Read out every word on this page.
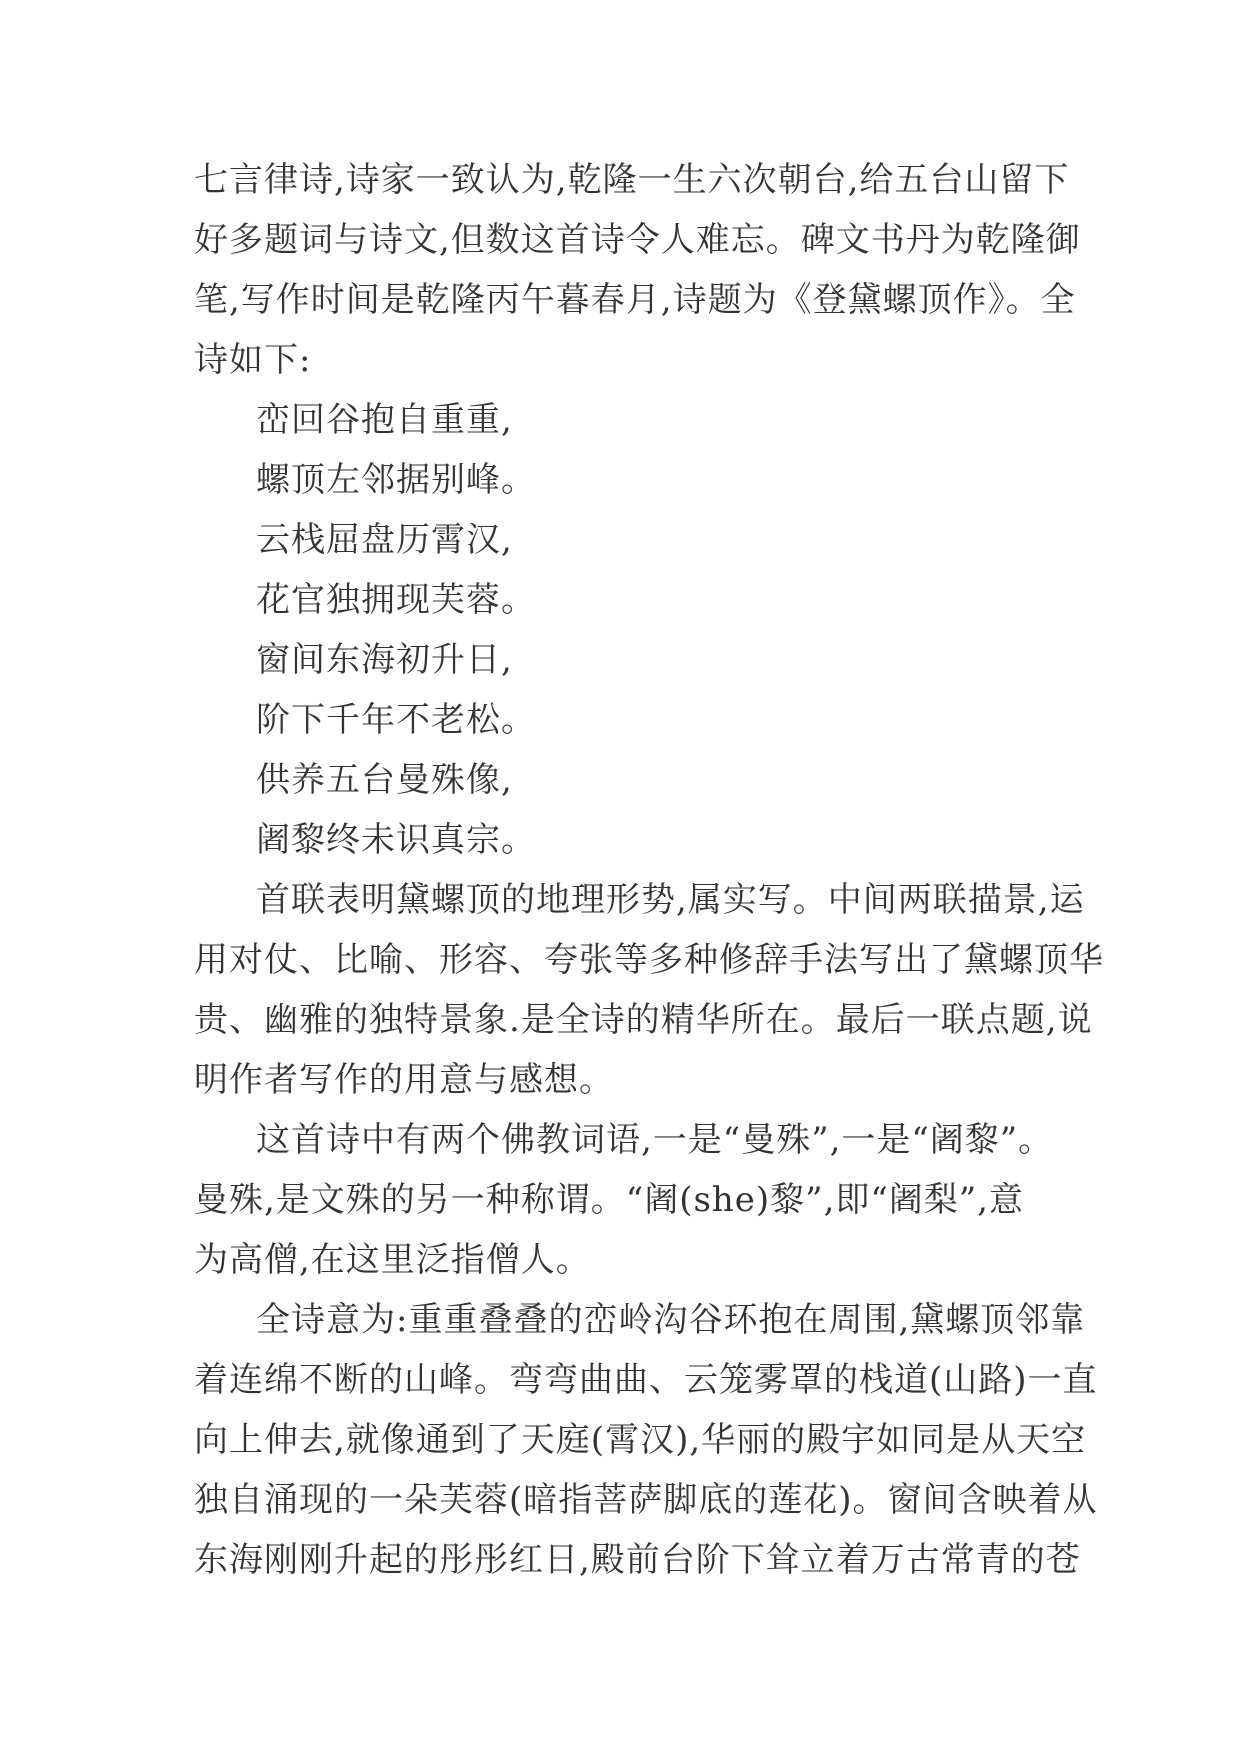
七言律诗,诗家一致认为,乾隆一生六次朝台,给五台山留下
好多题词与诗文,但数这首诗令人难忘。碑文书丹为乾隆御
笔,写作时间是乾隆丙午暮春月,诗题为《登黛螺顶作》。全
诗如下:
峦回谷抱自重重,
螺顶左邻据别峰。
云栈屈盘历霄汉,
花官独拥现芙蓉。
窗间东海初升日,
阶下千年不老松。
供养五台曼殊像,
阇黎终未识真宗。
首联表明黛螺顶的地理形势,属实写。中间两联描景,运
用对仗、比喻、形容、夸张等多种修辞手法写出了黛螺顶华
贵、幽雅的独特景象.是全诗的精华所在。最后一联点题,说
明作者写作的用意与感想。
这首诗中有两个佛教词语,一是“曼殊”,一是“阇黎”。
曼殊,是文殊的另一种称谓。“阇(she)黎”,即“阇梨”,意
为高僧,在这里泛指僧人。
全诗意为:重重叠叠的峦岭沟谷环抱在周围,黛螺顶邻靠
着连绵不断的山峰。弯弯曲曲、云笼雾罩的栈道(山路)一直
向上伸去,就像通到了天庭(霄汉),华丽的殿宇如同是从天空
独自涌现的一朵芙蓉(暗指菩萨脚底的莲花)。窗间含映着从
东海刚刚升起的彤彤红日,殿前台阶下耸立着万古常青的苍
